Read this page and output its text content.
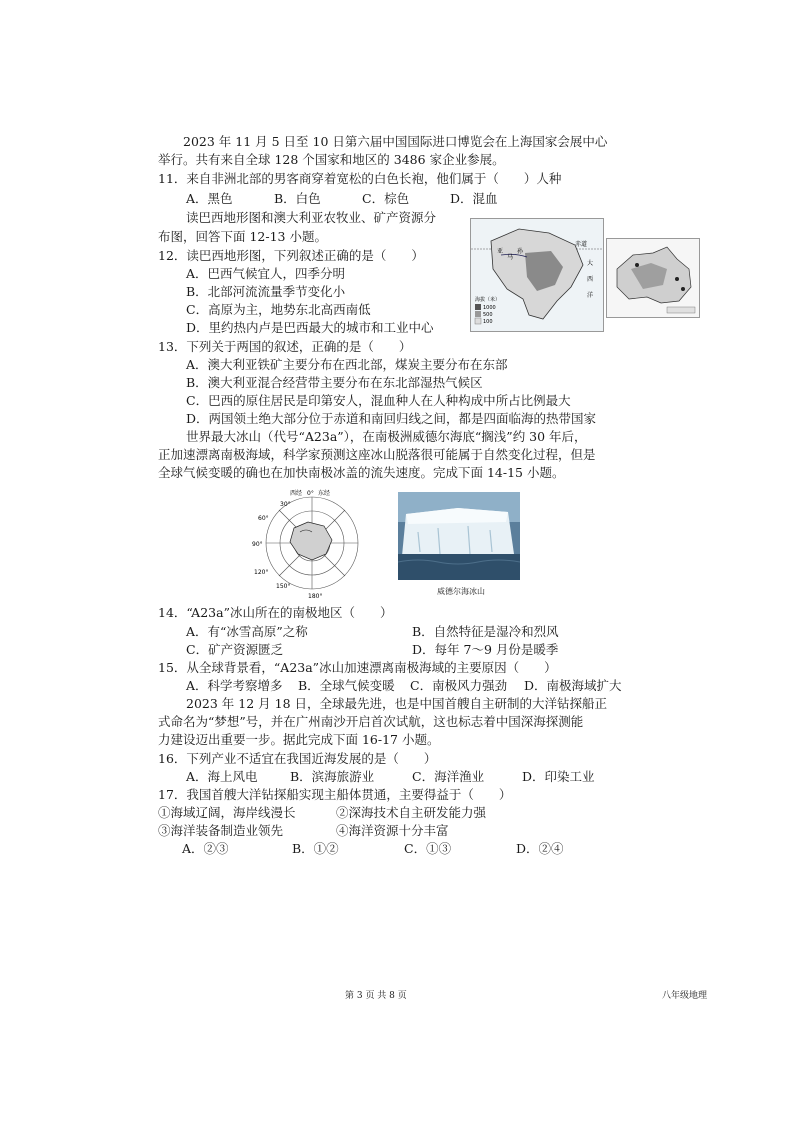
2023 年 11 月 5 日至 10 日第六届中国国际进口博览会在上海国家会展中心
举行。共有来自全球 128 个国家和地区的 3486 家企业参展。
11．来自非洲北部的男客商穿着宽松的白色长袍，他们属于（　　）人种
A．黑色	B．白色	C．棕色	D．混血
读巴西地形图和澳大利亚农牧业、矿产资源分
布图，回答下面 12-13 小题。
12．读巴西地形图，下列叙述正确的是（　　）
A．巴西气候宜人，四季分明
B．北部河流流量季节变化小
C．高原为主，地势东北高西南低
D．里约热内卢是巴西最大的城市和工业中心
赤道
亚
马
孙
大
西
洋
海拔（米）
1000
500
100
13．下列关于两国的叙述，正确的是（　　）
A．澳大利亚铁矿主要分布在西北部，煤炭主要分布在东部
B．澳大利亚混合经营带主要分布在东北部湿热气候区
C．巴西的原住居民是印第安人，混血种人在人种构成中所占比例最大
D．两国领土绝大部分位于赤道和南回归线之间，都是四面临海的热带国家
世界最大冰山（代号“A23a”），在南极洲威德尔海底“搁浅”约 30 年后，
正加速漂离南极海域，科学家预测这座冰山脱落很可能属于自然变化过程，但是
全球气候变暖的确也在加快南极冰盖的流失速度。完成下面 14-15 小题。
西经 0° 东经
30°
60°
90°
120°
150°
180°
威德尔海冰山
14．“A23a”冰山所在的南极地区（　　）
A．有“冰雪高原”之称	B．自然特征是湿冷和烈风
C．矿产资源匮乏	D．每年 7～9 月份是暖季
15．从全球背景看，“A23a”冰山加速漂离南极海域的主要原因（　　）
A．科学考察增多 B．全球气候变暖 C．南极风力强劲 D．南极海域扩大
2023 年 12 月 18 日，全球最先进，也是中国首艘自主研制的大洋钻探船正
式命名为“梦想”号，并在广州南沙开启首次试航，这也标志着中国深海探测能
力建设迈出重要一步。据此完成下面 16-17 小题。
16．下列产业不适宜在我国近海发展的是（　　）
A．海上风电	B．滨海旅游业	C．海洋渔业	D．印染工业
17．我国首艘大洋钻探船实现主船体贯通，主要得益于（　　）
①海域辽阔，海岸线漫长	②深海技术自主研发能力强
③海洋装备制造业领先	④海洋资源十分丰富
A．②③	B．①②	C．①③	D．②④
第 3 页 共 8 页	八年级地理
